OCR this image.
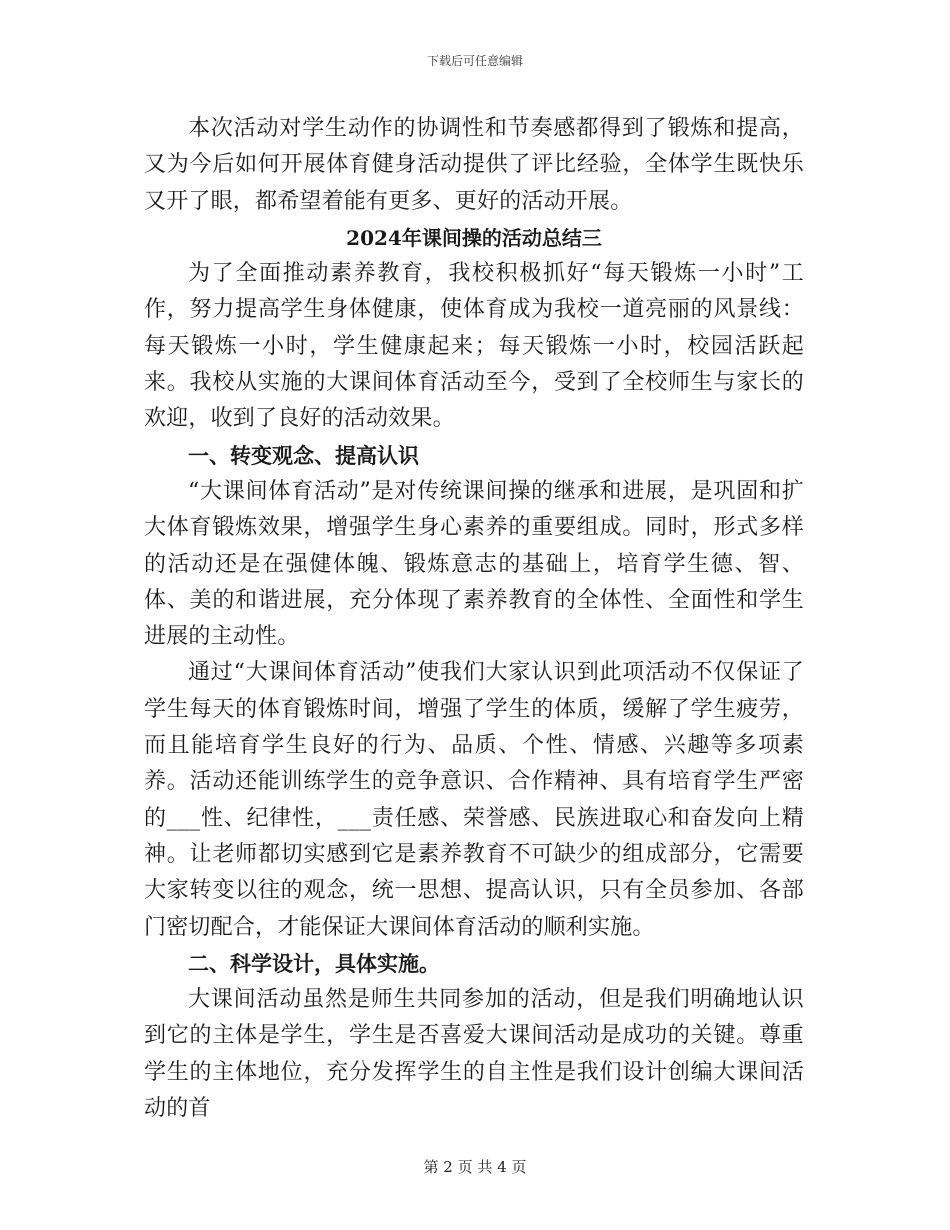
下载后可任意编辑

本次活动对学生动作的协调性和节奏感都得到了锻炼和提高，又为今后如何开展体育健身活动提供了评比经验，全体学生既快乐又开了眼，都希望着能有更多、更好的活动开展。

2024年课间操的活动总结三

为了全面推动素养教育，我校积极抓好“每天锻炼一小时”工作，努力提高学生身体健康，使体育成为我校一道亮丽的风景线：每天锻炼一小时，学生健康起来；每天锻炼一小时，校园活跃起来。我校从实施的大课间体育活动至今，受到了全校师生与家长的欢迎，收到了良好的活动效果。

一、转变观念、提高认识

“大课间体育活动”是对传统课间操的继承和进展，是巩固和扩大体育锻炼效果，增强学生身心素养的重要组成。同时，形式多样的活动还是在强健体魄、锻炼意志的基础上，培育学生德、智、体、美的和谐进展，充分体现了素养教育的全体性、全面性和学生进展的主动性。

通过“大课间体育活动”使我们大家认识到此项活动不仅保证了学生每天的体育锻炼时间，增强了学生的体质，缓解了学生疲劳，而且能培育学生良好的行为、品质、个性、情感、兴趣等多项素养。活动还能训练学生的竞争意识、合作精神、具有培育学生严密的___性、纪律性，___责任感、荣誉感、民族进取心和奋发向上精神。让老师都切实感到它是素养教育不可缺少的组成部分，它需要大家转变以往的观念，统一思想、提高认识，只有全员参加、各部门密切配合，才能保证大课间体育活动的顺利实施。

二、科学设计，具体实施。

大课间活动虽然是师生共同参加的活动，但是我们明确地认识到它的主体是学生，学生是否喜爱大课间活动是成功的关键。尊重学生的主体地位，充分发挥学生的自主性是我们设计创编大课间活动的首

第 2 页 共 4 页
